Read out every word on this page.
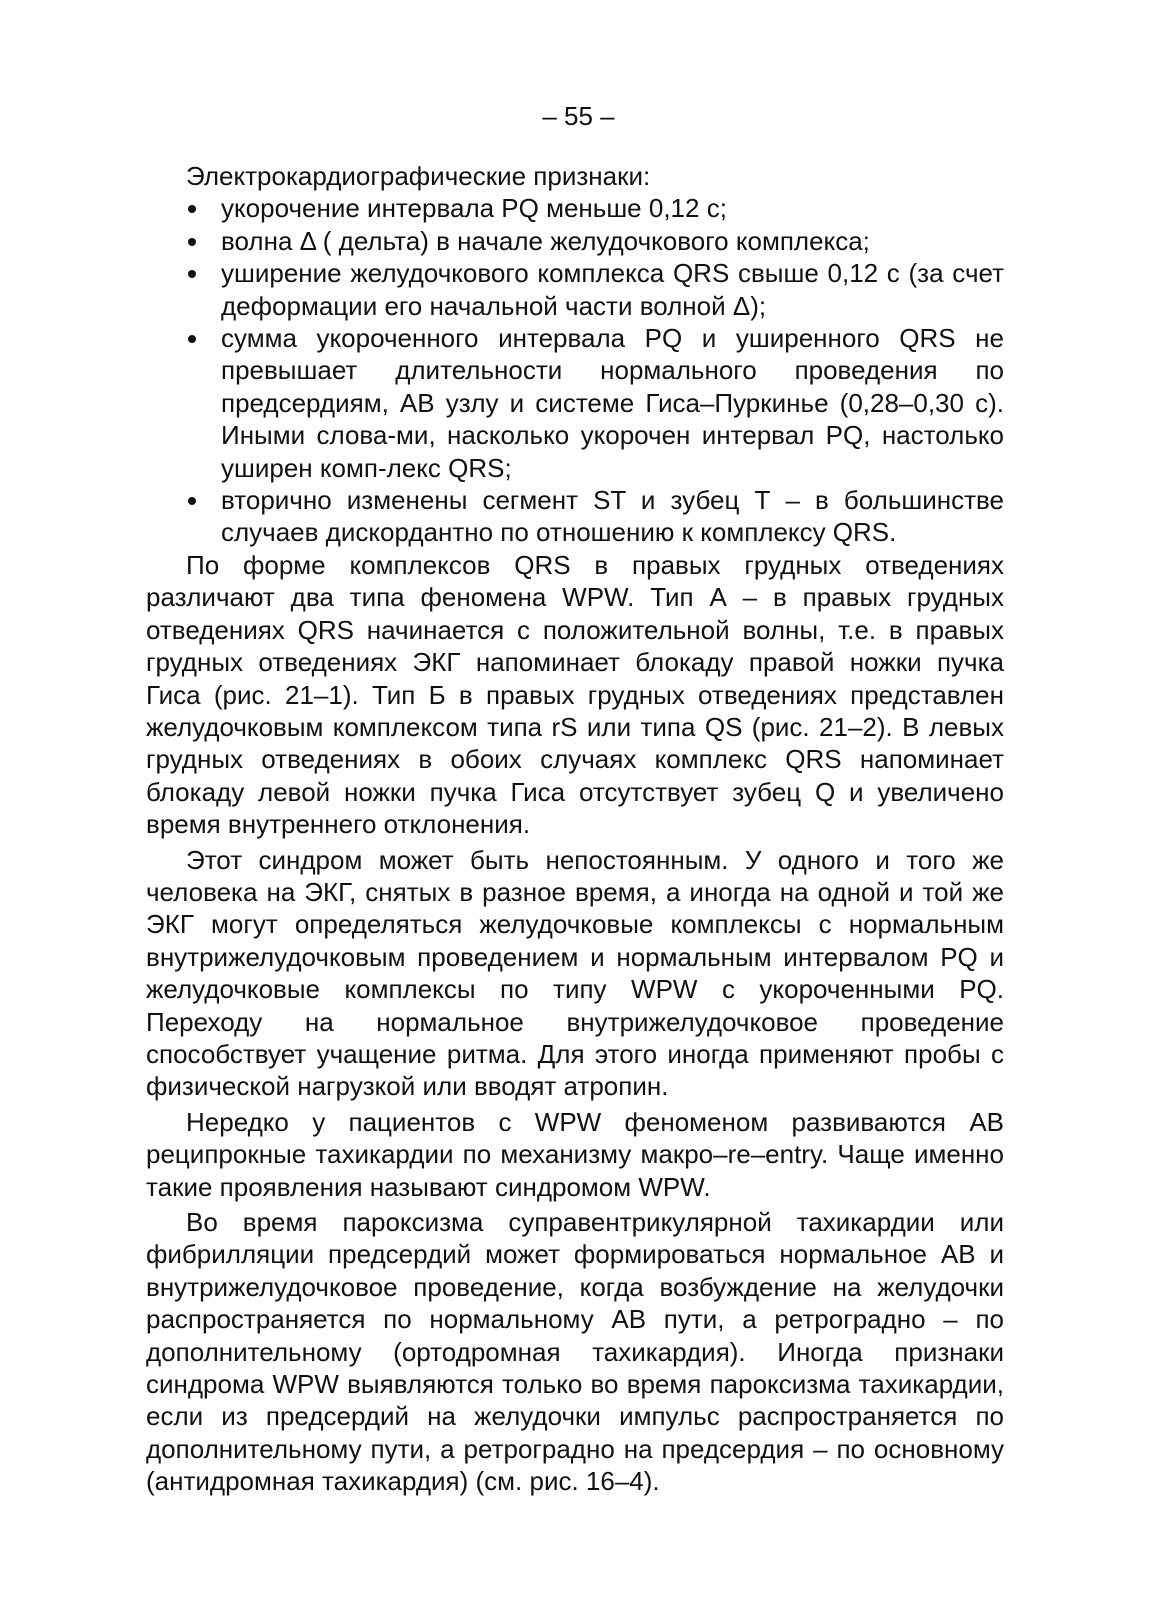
– 55 –

Электрокардиографические признаки:

укорочение интервала PQ меньше 0,12 с;
волна Δ ( дельта) в начале желудочкового комплекса;
уширение желудочкового комплекса QRS свыше 0,12 с (за счет деформации его начальной части волной Δ);
сумма укороченного интервала PQ и уширенного QRS не превышает длительности нормального проведения по предсердиям, АВ узлу и системе Гиса–Пуркинье (0,28–0,30 с). Иными слова-ми, насколько укорочен интервал PQ, настолько уширен комп-лекс QRS;
вторично изменены сегмент ST и зубец Т – в большинстве случаев дискордантно по отношению к комплексу QRS.

По форме комплексов QRS в правых грудных отведениях различают два типа феномена WPW. Тип А – в правых грудных отведениях QRS начинается с положительной волны, т.е. в правых грудных отведениях ЭКГ напоминает блокаду правой ножки пучка Гиса (рис. 21–1). Тип Б в правых грудных отведениях представлен желудочковым комплексом типа rS или типа QS (рис. 21–2). В левых грудных отведениях в обоих случаях комплекс QRS напоминает блокаду левой ножки пучка Гиса отсутствует зубец Q и увеличено время внутреннего отклонения.

Этот синдром может быть непостоянным. У одного и того же человека на ЭКГ, снятых в разное время, а иногда на одной и той же ЭКГ могут определяться желудочковые комплексы с нормальным внутрижелудочковым проведением и нормальным интервалом PQ и желудочковые комплексы по типу WPW с укороченными PQ. Переходу на нормальное внутрижелудочковое проведение способствует учащение ритма. Для этого иногда применяют пробы с физической нагрузкой или вводят атропин.

Нередко у пациентов с WPW феноменом развиваются АВ реципрокные тахикардии по механизму макро–re–entry. Чаще именно такие проявления называют синдромом WPW.

Во время пароксизма суправентрикулярной тахикардии или фибрилляции предсердий может формироваться нормальное АВ и внутрижелудочковое проведение, когда возбуждение на желудочки распространяется по нормальному АВ пути, а ретроградно – по дополнительному (ортодромная тахикардия). Иногда признаки синдрома WPW выявляются только во время пароксизма тахикардии, если из предсердий на желудочки импульс распространяется по дополнительному пути, а ретроградно на предсердия – по основному (антидромная тахикардия) (см. рис. 16–4).
